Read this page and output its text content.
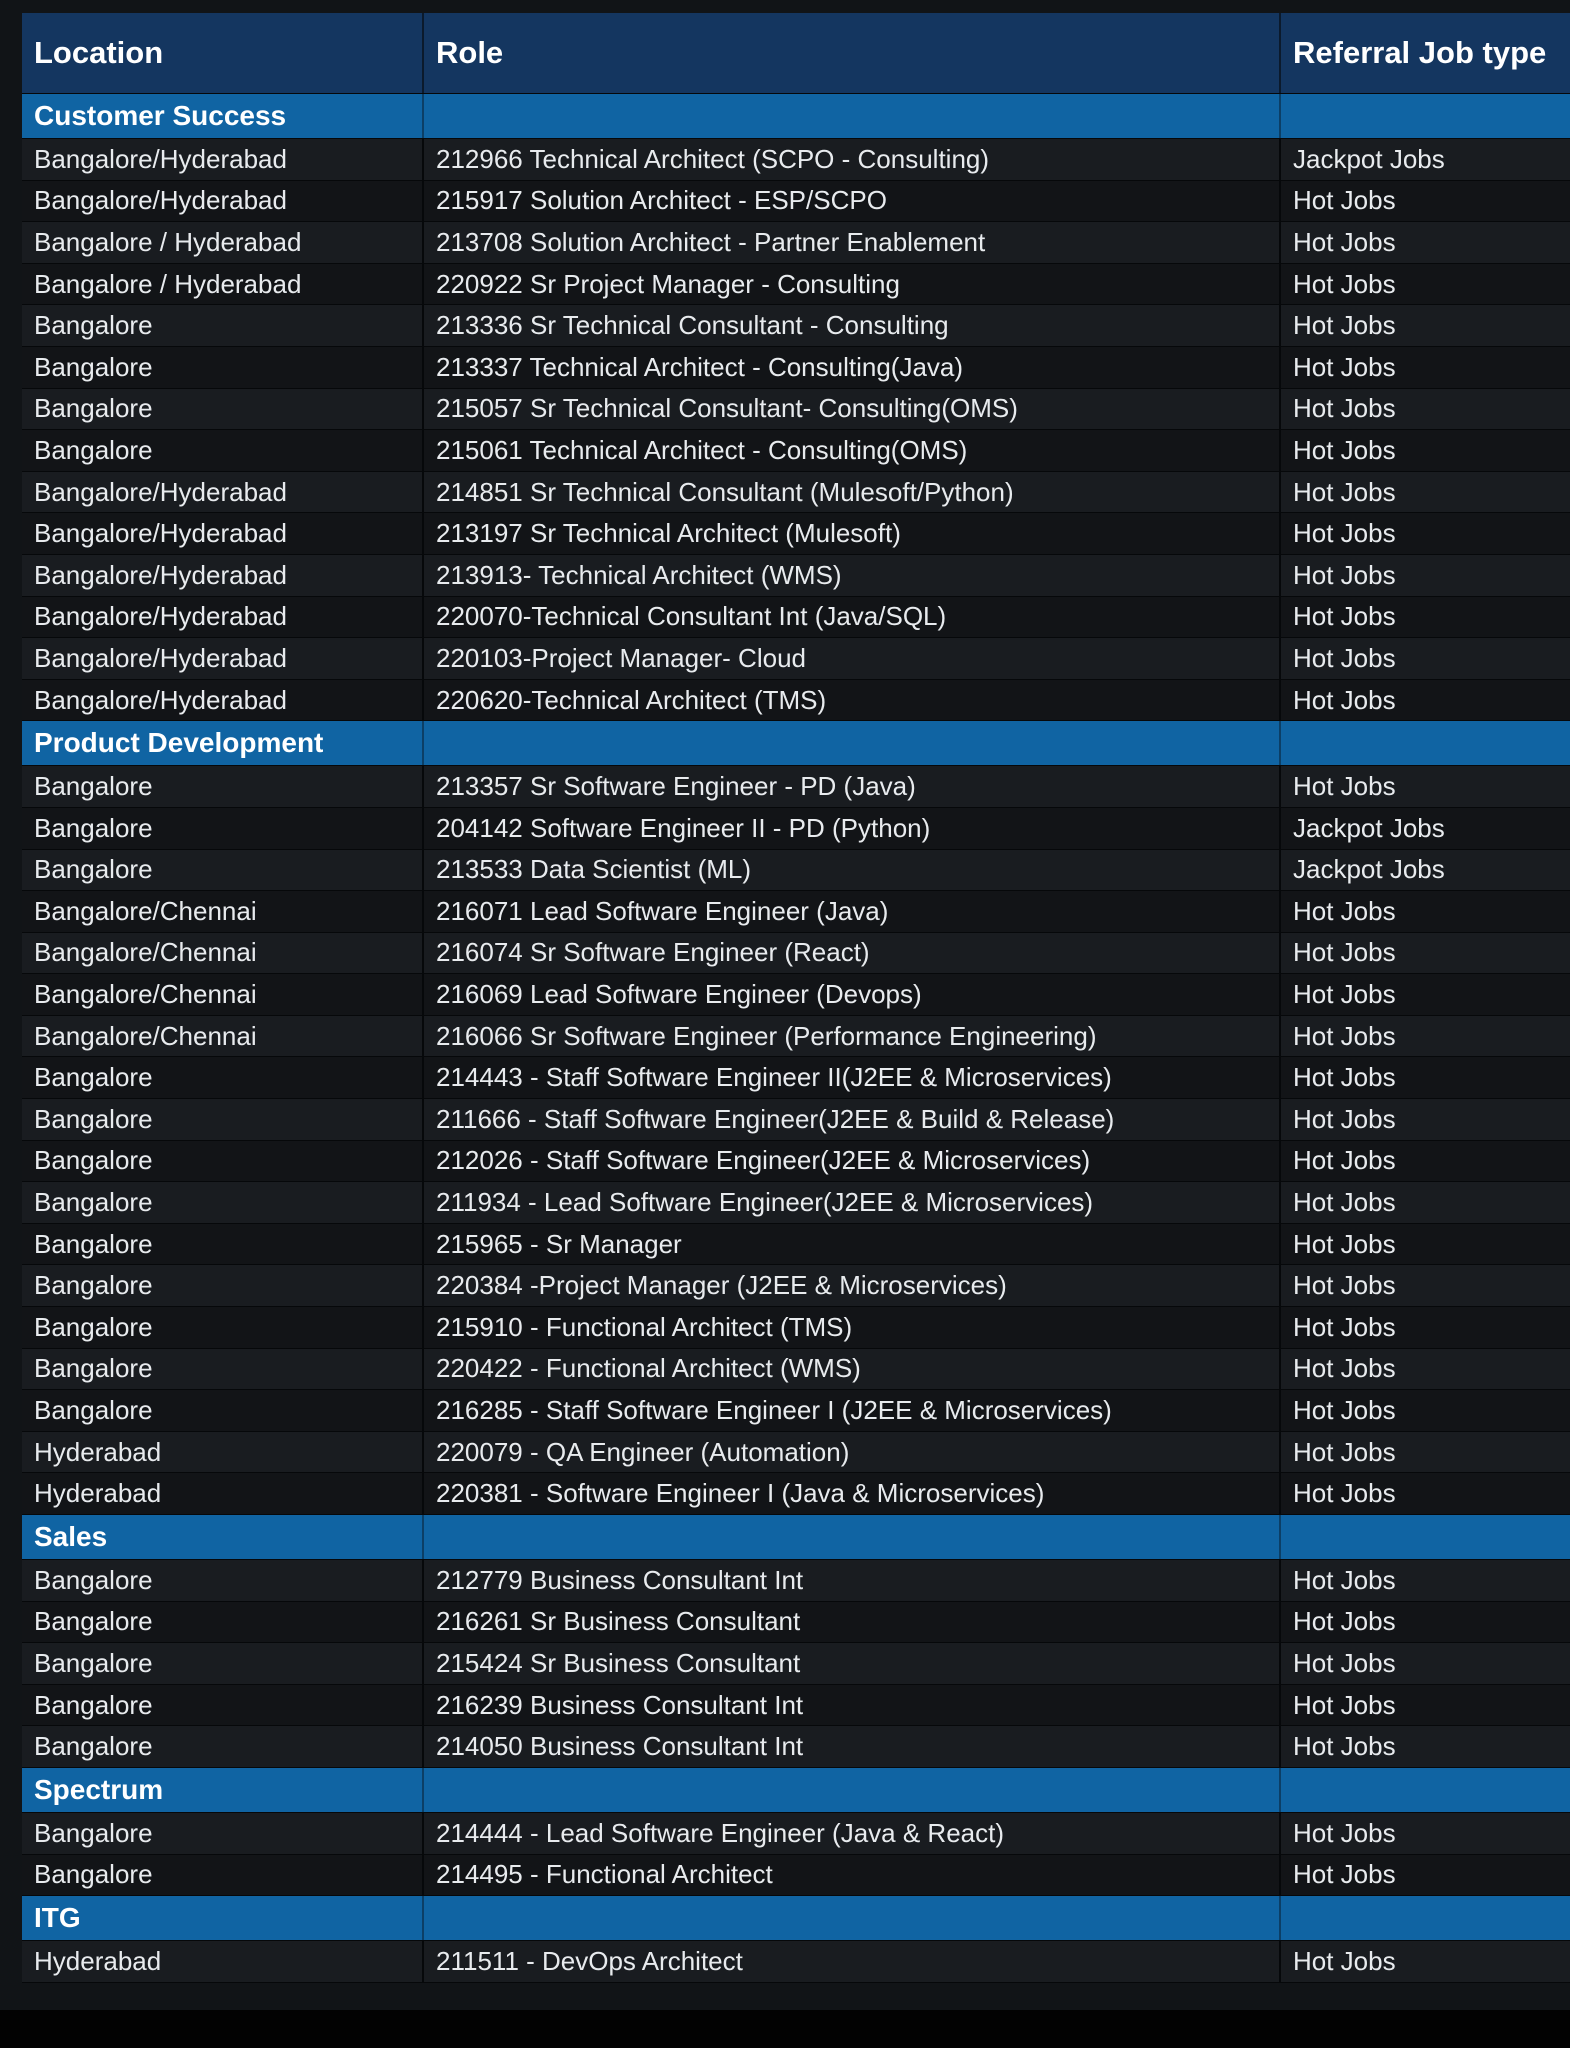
Location	Role	Referral Job type
Customer Success
Bangalore/Hyderabad	212966 Technical Architect (SCPO - Consulting)	Jackpot Jobs
Bangalore/Hyderabad	215917 Solution Architect - ESP/SCPO	Hot Jobs
Bangalore / Hyderabad	213708 Solution Architect - Partner Enablement	Hot Jobs
Bangalore / Hyderabad	220922 Sr Project Manager - Consulting	Hot Jobs
Bangalore	213336 Sr Technical Consultant - Consulting	Hot Jobs
Bangalore	213337 Technical Architect - Consulting(Java)	Hot Jobs
Bangalore	215057 Sr Technical Consultant- Consulting(OMS)	Hot Jobs
Bangalore	215061 Technical Architect - Consulting(OMS)	Hot Jobs
Bangalore/Hyderabad	214851 Sr Technical Consultant (Mulesoft/Python)	Hot Jobs
Bangalore/Hyderabad	213197 Sr Technical Architect (Mulesoft)	Hot Jobs
Bangalore/Hyderabad	213913- Technical Architect (WMS)	Hot Jobs
Bangalore/Hyderabad	220070-Technical Consultant Int (Java/SQL)	Hot Jobs
Bangalore/Hyderabad	220103-Project Manager- Cloud	Hot Jobs
Bangalore/Hyderabad	220620-Technical Architect (TMS)	Hot Jobs
Product Development
Bangalore	213357 Sr Software Engineer - PD (Java)	Hot Jobs
Bangalore	204142 Software Engineer II - PD (Python)	Jackpot Jobs
Bangalore	213533 Data Scientist (ML)	Jackpot Jobs
Bangalore/Chennai	216071 Lead Software Engineer (Java)	Hot Jobs
Bangalore/Chennai	216074 Sr Software Engineer (React)	Hot Jobs
Bangalore/Chennai	216069 Lead Software Engineer (Devops)	Hot Jobs
Bangalore/Chennai	216066 Sr Software Engineer (Performance Engineering)	Hot Jobs
Bangalore	214443 - Staff Software Engineer II(J2EE & Microservices)	Hot Jobs
Bangalore	211666 - Staff Software Engineer(J2EE & Build & Release)	Hot Jobs
Bangalore	212026 - Staff Software Engineer(J2EE & Microservices)	Hot Jobs
Bangalore	211934 - Lead Software Engineer(J2EE & Microservices)	Hot Jobs
Bangalore	215965 - Sr Manager	Hot Jobs
Bangalore	220384 -Project Manager (J2EE & Microservices)	Hot Jobs
Bangalore	215910 - Functional Architect (TMS)	Hot Jobs
Bangalore	220422 - Functional Architect (WMS)	Hot Jobs
Bangalore	216285 - Staff Software Engineer I (J2EE & Microservices)	Hot Jobs
Hyderabad	220079 - QA Engineer (Automation)	Hot Jobs
Hyderabad	220381 - Software Engineer I (Java & Microservices)	Hot Jobs
Sales
Bangalore	212779 Business Consultant Int	Hot Jobs
Bangalore	216261 Sr Business Consultant	Hot Jobs
Bangalore	215424 Sr Business Consultant	Hot Jobs
Bangalore	216239 Business Consultant Int	Hot Jobs
Bangalore	214050 Business Consultant Int	Hot Jobs
Spectrum
Bangalore	214444 - Lead Software Engineer (Java & React)	Hot Jobs
Bangalore	214495 - Functional Architect	Hot Jobs
ITG
Hyderabad	211511 - DevOps Architect	Hot Jobs
